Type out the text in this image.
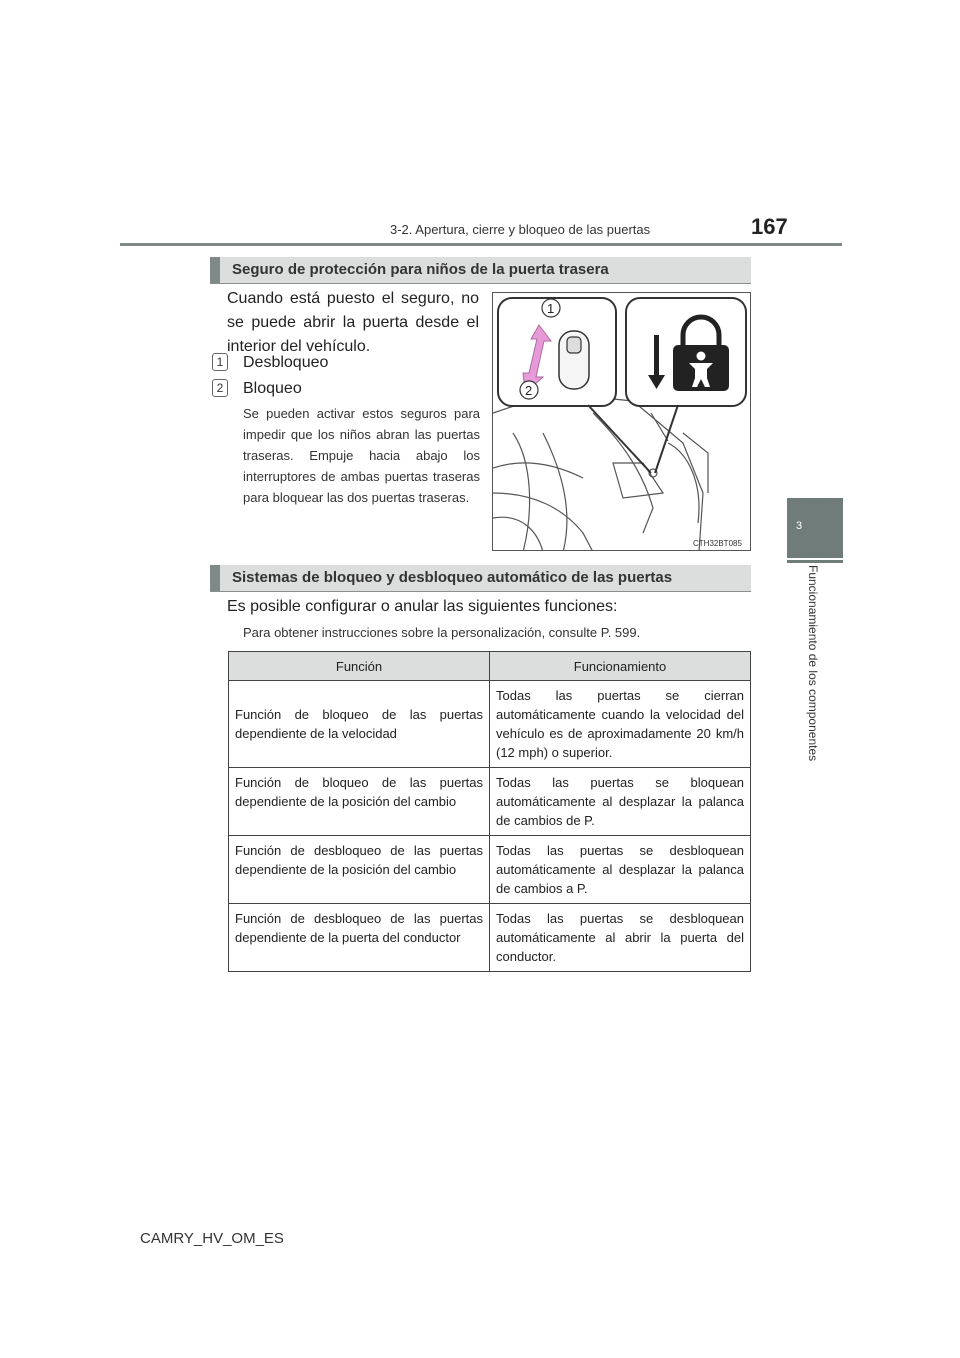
3-2. Apertura, cierre y bloqueo de las puertas	167
3
Funcionamiento de los componentes
Seguro de protección para niños de la puerta trasera
Cuando está puesto el seguro, no se puede abrir la puerta desde el interior del vehículo.
1 Desbloqueo
2 Bloqueo
Se pueden activar estos seguros para impedir que los niños abran las puertas traseras. Empuje hacia abajo los interruptores de ambas puertas traseras para bloquear las dos puertas traseras.
1
2
CTH32BT085
Sistemas de bloqueo y desbloqueo automático de las puertas
Es posible configurar o anular las siguientes funciones:
Para obtener instrucciones sobre la personalización, consulte P. 599.
Función	Funcionamiento
Función de bloqueo de las puertas dependiente de la velocidad	Todas las puertas se cierran automáticamente cuando la velocidad del vehículo es de aproximadamente 20 km/h (12 mph) o superior.
Función de bloqueo de las puertas dependiente de la posición del cambio	Todas las puertas se bloquean automáticamente al desplazar la palanca de cambios de P.
Función de desbloqueo de las puertas dependiente de la posición del cambio	Todas las puertas se desbloquean automáticamente al desplazar la palanca de cambios a P.
Función de desbloqueo de las puertas dependiente de la puerta del conductor	Todas las puertas se desbloquean automáticamente al abrir la puerta del conductor.
CAMRY_HV_OM_ES
